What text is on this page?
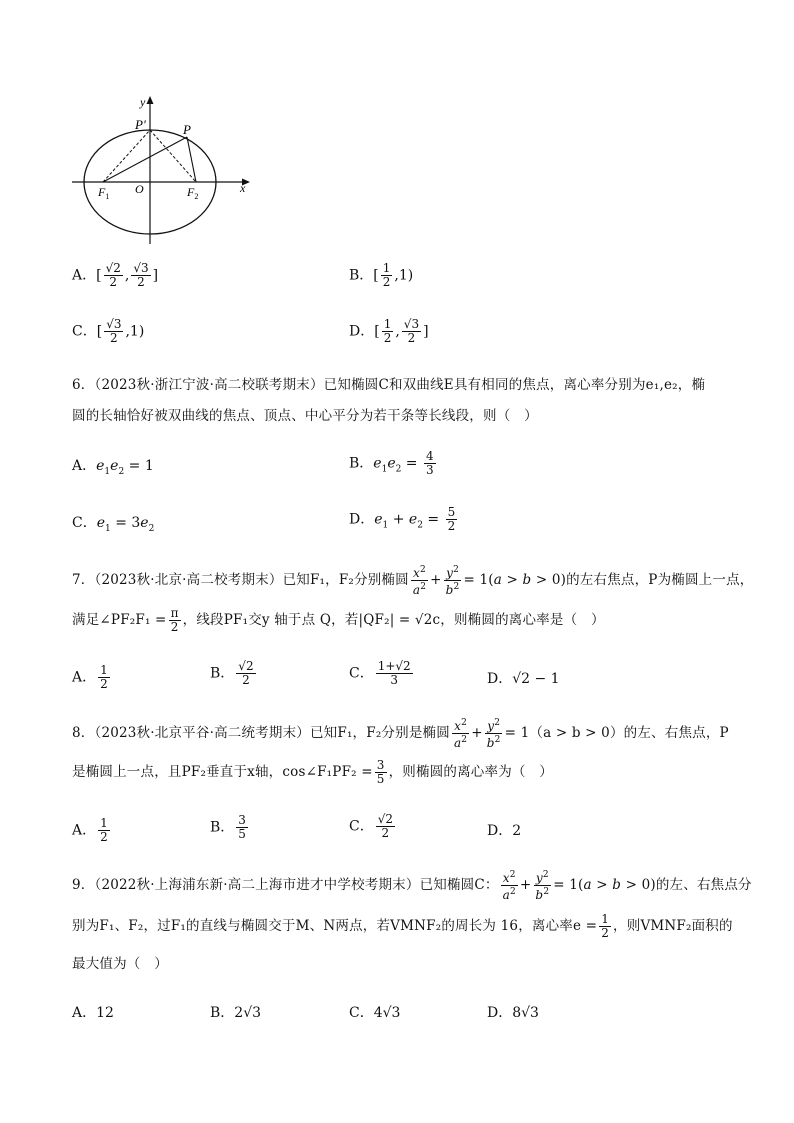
y
x
P
P′
O
$F_1$	$F_2$
A．[ $\frac{√2}{2}$ , $\frac{√3}{2}$ ]	B．[ $\frac{1}{2} ,1$)
C．[ $\frac{√3}{2} ,1$)	D．[ $\frac{1}{2}$ , $\frac{√3}{2}$ ]
6．（2023秋·浙江宁波·高二校联考期末）已知椭圆C和双曲线E具有相同的焦点，离心率分别为e₁,e₂，椭
圆的长轴恰好被双曲线的焦点、顶点、中心平分为若干条等长线段，则（　）
A．$e_1e_2 = 1$	B．$e_1e_2 = \frac{4}{3}$
C．$e_1 = 3e_2$
D．$e_1 + e_2 = \frac{5}{2}$
7．（2023秋·北京·高二校考期末）已知F₁，F₂分别椭圆 $\frac{x^2}{a^2} + \frac{y^2}{b^2} = 1(a > b > 0)$的左右焦点，P为椭圆上一点，
满足∠PF₂F₁ = $\frac{\pi}{2}$ ，线段PF₁交y 轴于点 Q，若|QF₂| = √2c，则椭圆的离心率是（　）
A． $\frac{1}{2}$	B． $\frac{√2}{2}$	C． $\frac{1+√2}{3}$	D．√2 − 1
8．（2023秋·北京平谷·高二统考期末）已知F₁，F₂分别是椭圆 $\frac{x^2}{a^2} + \frac{y^2}{b^2} = 1(a > b > 0)$的左、右焦点，P
是椭圆上一点，且PF₂垂直于x轴，cos∠F₁PF₂ = $\frac{3}{5}$ ，则椭圆的离心率为（　）
A． $\frac{1}{2}$	B． $\frac{3}{5}$	C． $\frac{√2}{2}$	D．2
9．（2022秋·上海浦东新·高二上海市进才中学校考期末）已知椭圆C： $\frac{x^2}{a^2} + \frac{y^2}{b^2} = 1(a > b > 0)$的左、右焦点分
别为F₁、F₂，过F₁的直线与椭圆交于M、N两点，若VMNF₂的周长为 16，离心率$e = \frac{1}{2}$ ，则VMNF₂面积的
最大值为（　）
A．12	B．2√3	C．4√3	D．8√3
